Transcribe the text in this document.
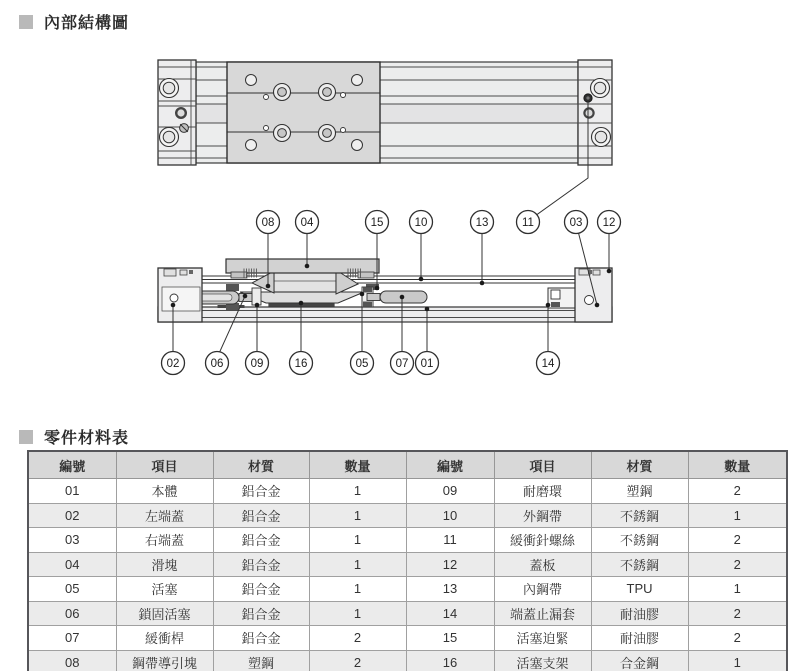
內部結構圖
08 04	15	10	13	11	03 12
02	06 09	16	05 07 01	14
零件材料表
編號	項目	材質	數量	編號	項目	材質	數量
01	本體	鋁合金	1	09	耐磨環	塑鋼	2
02	左端蓋	鋁合金	1	10	外鋼帶	不銹鋼	1
03	右端蓋	鋁合金	1	11	緩衝針螺絲	不銹鋼	2
04	滑塊	鋁合金	1	12	蓋板	不銹鋼	2
05	活塞	鋁合金	1	13	內鋼帶	TPU	1
06	鎖固活塞	鋁合金	1	14	端蓋止漏套	耐油膠	2
07	緩衝桿	鋁合金	2	15	活塞迫緊	耐油膠	2
08	鋼帶導引塊	塑鋼	2	16	活塞支架	合金鋼	1
